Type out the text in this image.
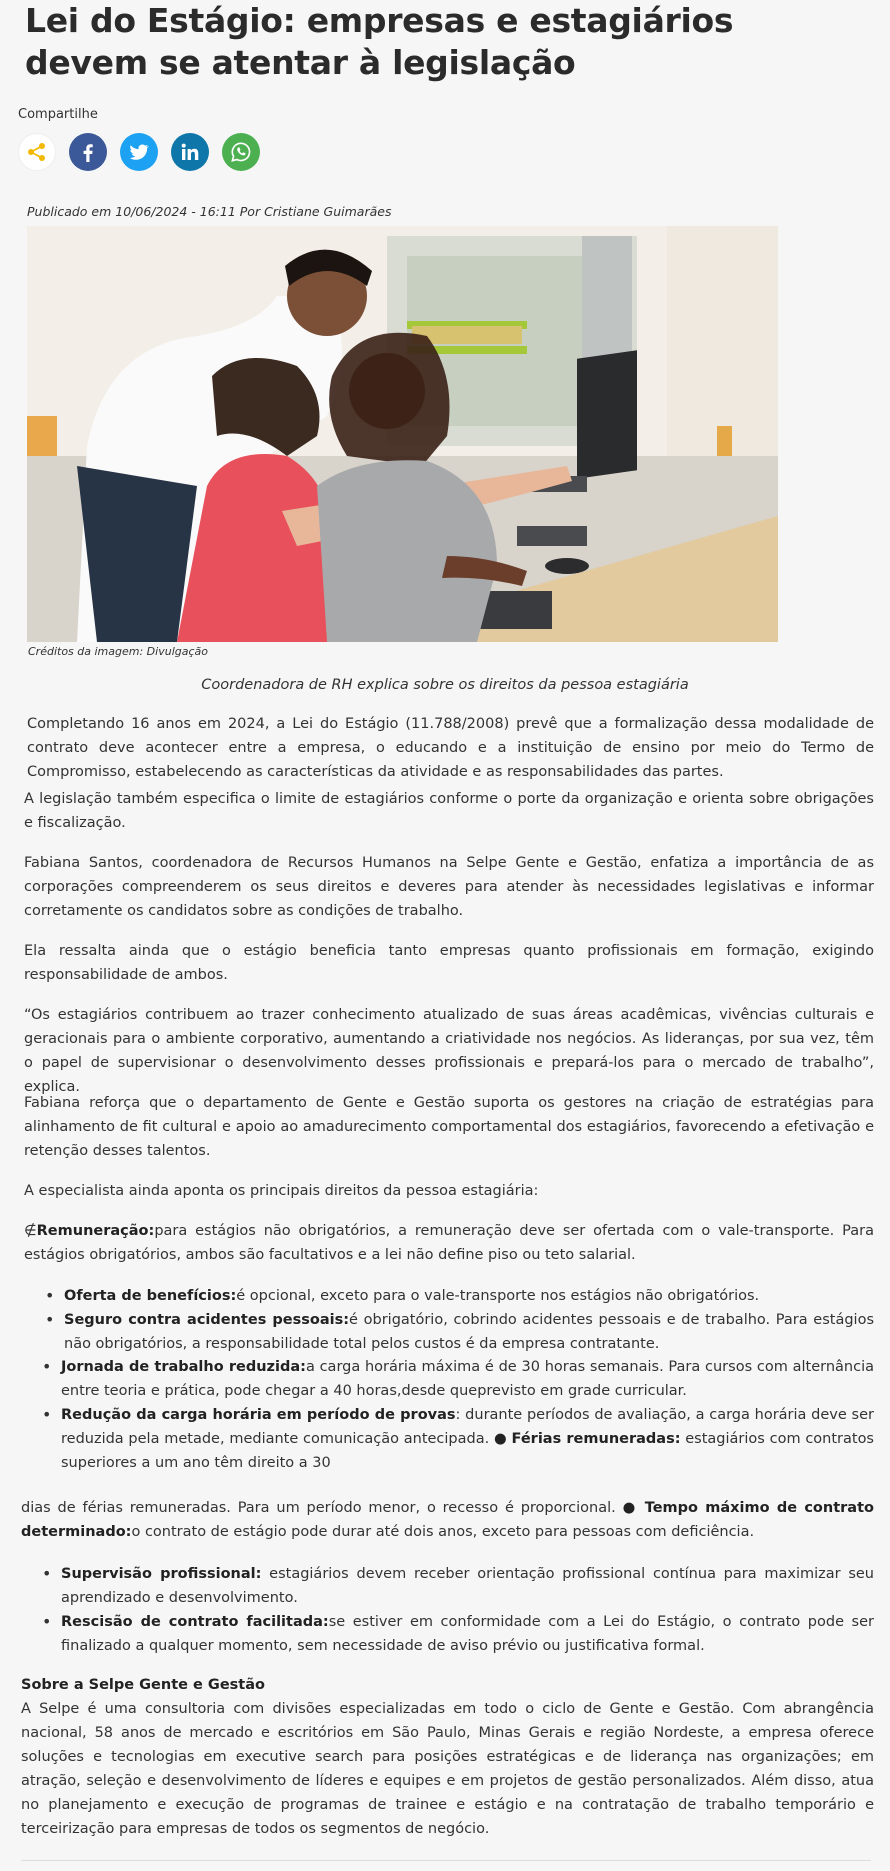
Lei do Estágio: empresas e estagiários devem se atentar à legislação
Compartilhe
Publicado em 10/06/2024 - 16:11 Por Cristiane Guimarães
Créditos da imagem: Divulgação
Coordenadora de RH explica sobre os direitos da pessoa estagiária

Completando 16 anos em 2024, a Lei do Estágio (11.788/2008) prevê que a formalização dessa modalidade de contrato deve acontecer entre a empresa, o educando e a instituição de ensino por meio do Termo de Compromisso, estabelecendo as características da atividade e as responsabilidades das partes.

A legislação também especifica o limite de estagiários conforme o porte da organização e orienta sobre obrigações e fiscalização.

Fabiana Santos, coordenadora de Recursos Humanos na Selpe Gente e Gestão, enfatiza a importância de as corporações compreenderem os seus direitos e deveres para atender às necessidades legislativas e informar corretamente os candidatos sobre as condições de trabalho.

Ela ressalta ainda que o estágio beneficia tanto empresas quanto profissionais em formação, exigindo responsabilidade de ambos.

“Os estagiários contribuem ao trazer conhecimento atualizado de suas áreas acadêmicas, vivências culturais e geracionais para o ambiente corporativo, aumentando a criatividade nos negócios. As lideranças, por sua vez, têm o papel de supervisionar o desenvolvimento desses profissionais e prepará-los para o mercado de trabalho”, explica.

Fabiana reforça que o departamento de Gente e Gestão suporta os gestores na criação de estratégias para alinhamento de fit cultural e apoio ao amadurecimento comportamental dos estagiários, favorecendo a efetivação e retenção desses talentos.

A especialista ainda aponta os principais direitos da pessoa estagiária:

∉Remuneração:para estágios não obrigatórios, a remuneração deve ser ofertada com o vale-transporte. Para estágios obrigatórios, ambos são facultativos e a lei não define piso ou teto salarial.

• Oferta de benefícios:é opcional, exceto para o vale-transporte nos estágios não obrigatórios.
• Seguro contra acidentes pessoais:é obrigatório, cobrindo acidentes pessoais e de trabalho. Para estágios não obrigatórios, a responsabilidade total pelos custos é da empresa contratante.
• Jornada de trabalho reduzida:a carga horária máxima é de 30 horas semanais. Para cursos com alternância entre teoria e prática, pode chegar a 40 horas,desde queprevisto em grade curricular.
• Redução da carga horária em período de provas: durante períodos de avaliação, a carga horária deve ser reduzida pela metade, mediante comunicação antecipada. ● Férias remuneradas: estagiários com contratos superiores a um ano têm direito a 30

dias de férias remuneradas. Para um período menor, o recesso é proporcional. ● Tempo máximo de contrato determinado:o contrato de estágio pode durar até dois anos, exceto para pessoas com deficiência.

• Supervisão profissional: estagiários devem receber orientação profissional contínua para maximizar seu aprendizado e desenvolvimento.
• Rescisão de contrato facilitada:se estiver em conformidade com a Lei do Estágio, o contrato pode ser finalizado a qualquer momento, sem necessidade de aviso prévio ou justificativa formal.
Sobre a Selpe Gente e Gestão

A Selpe é uma consultoria com divisões especializadas em todo o ciclo de Gente e Gestão. Com abrangência nacional, 58 anos de mercado e escritórios em São Paulo, Minas Gerais e região Nordeste, a empresa oferece soluções e tecnologias em executive search para posições estratégicas e de liderança nas organizações; em atração, seleção e desenvolvimento de líderes e equipes e em projetos de gestão personalizados. Além disso, atua no planejamento e execução de programas de trainee e estágio e na contratação de trabalho temporário e terceirização para empresas de todos os segmentos de negócio.
